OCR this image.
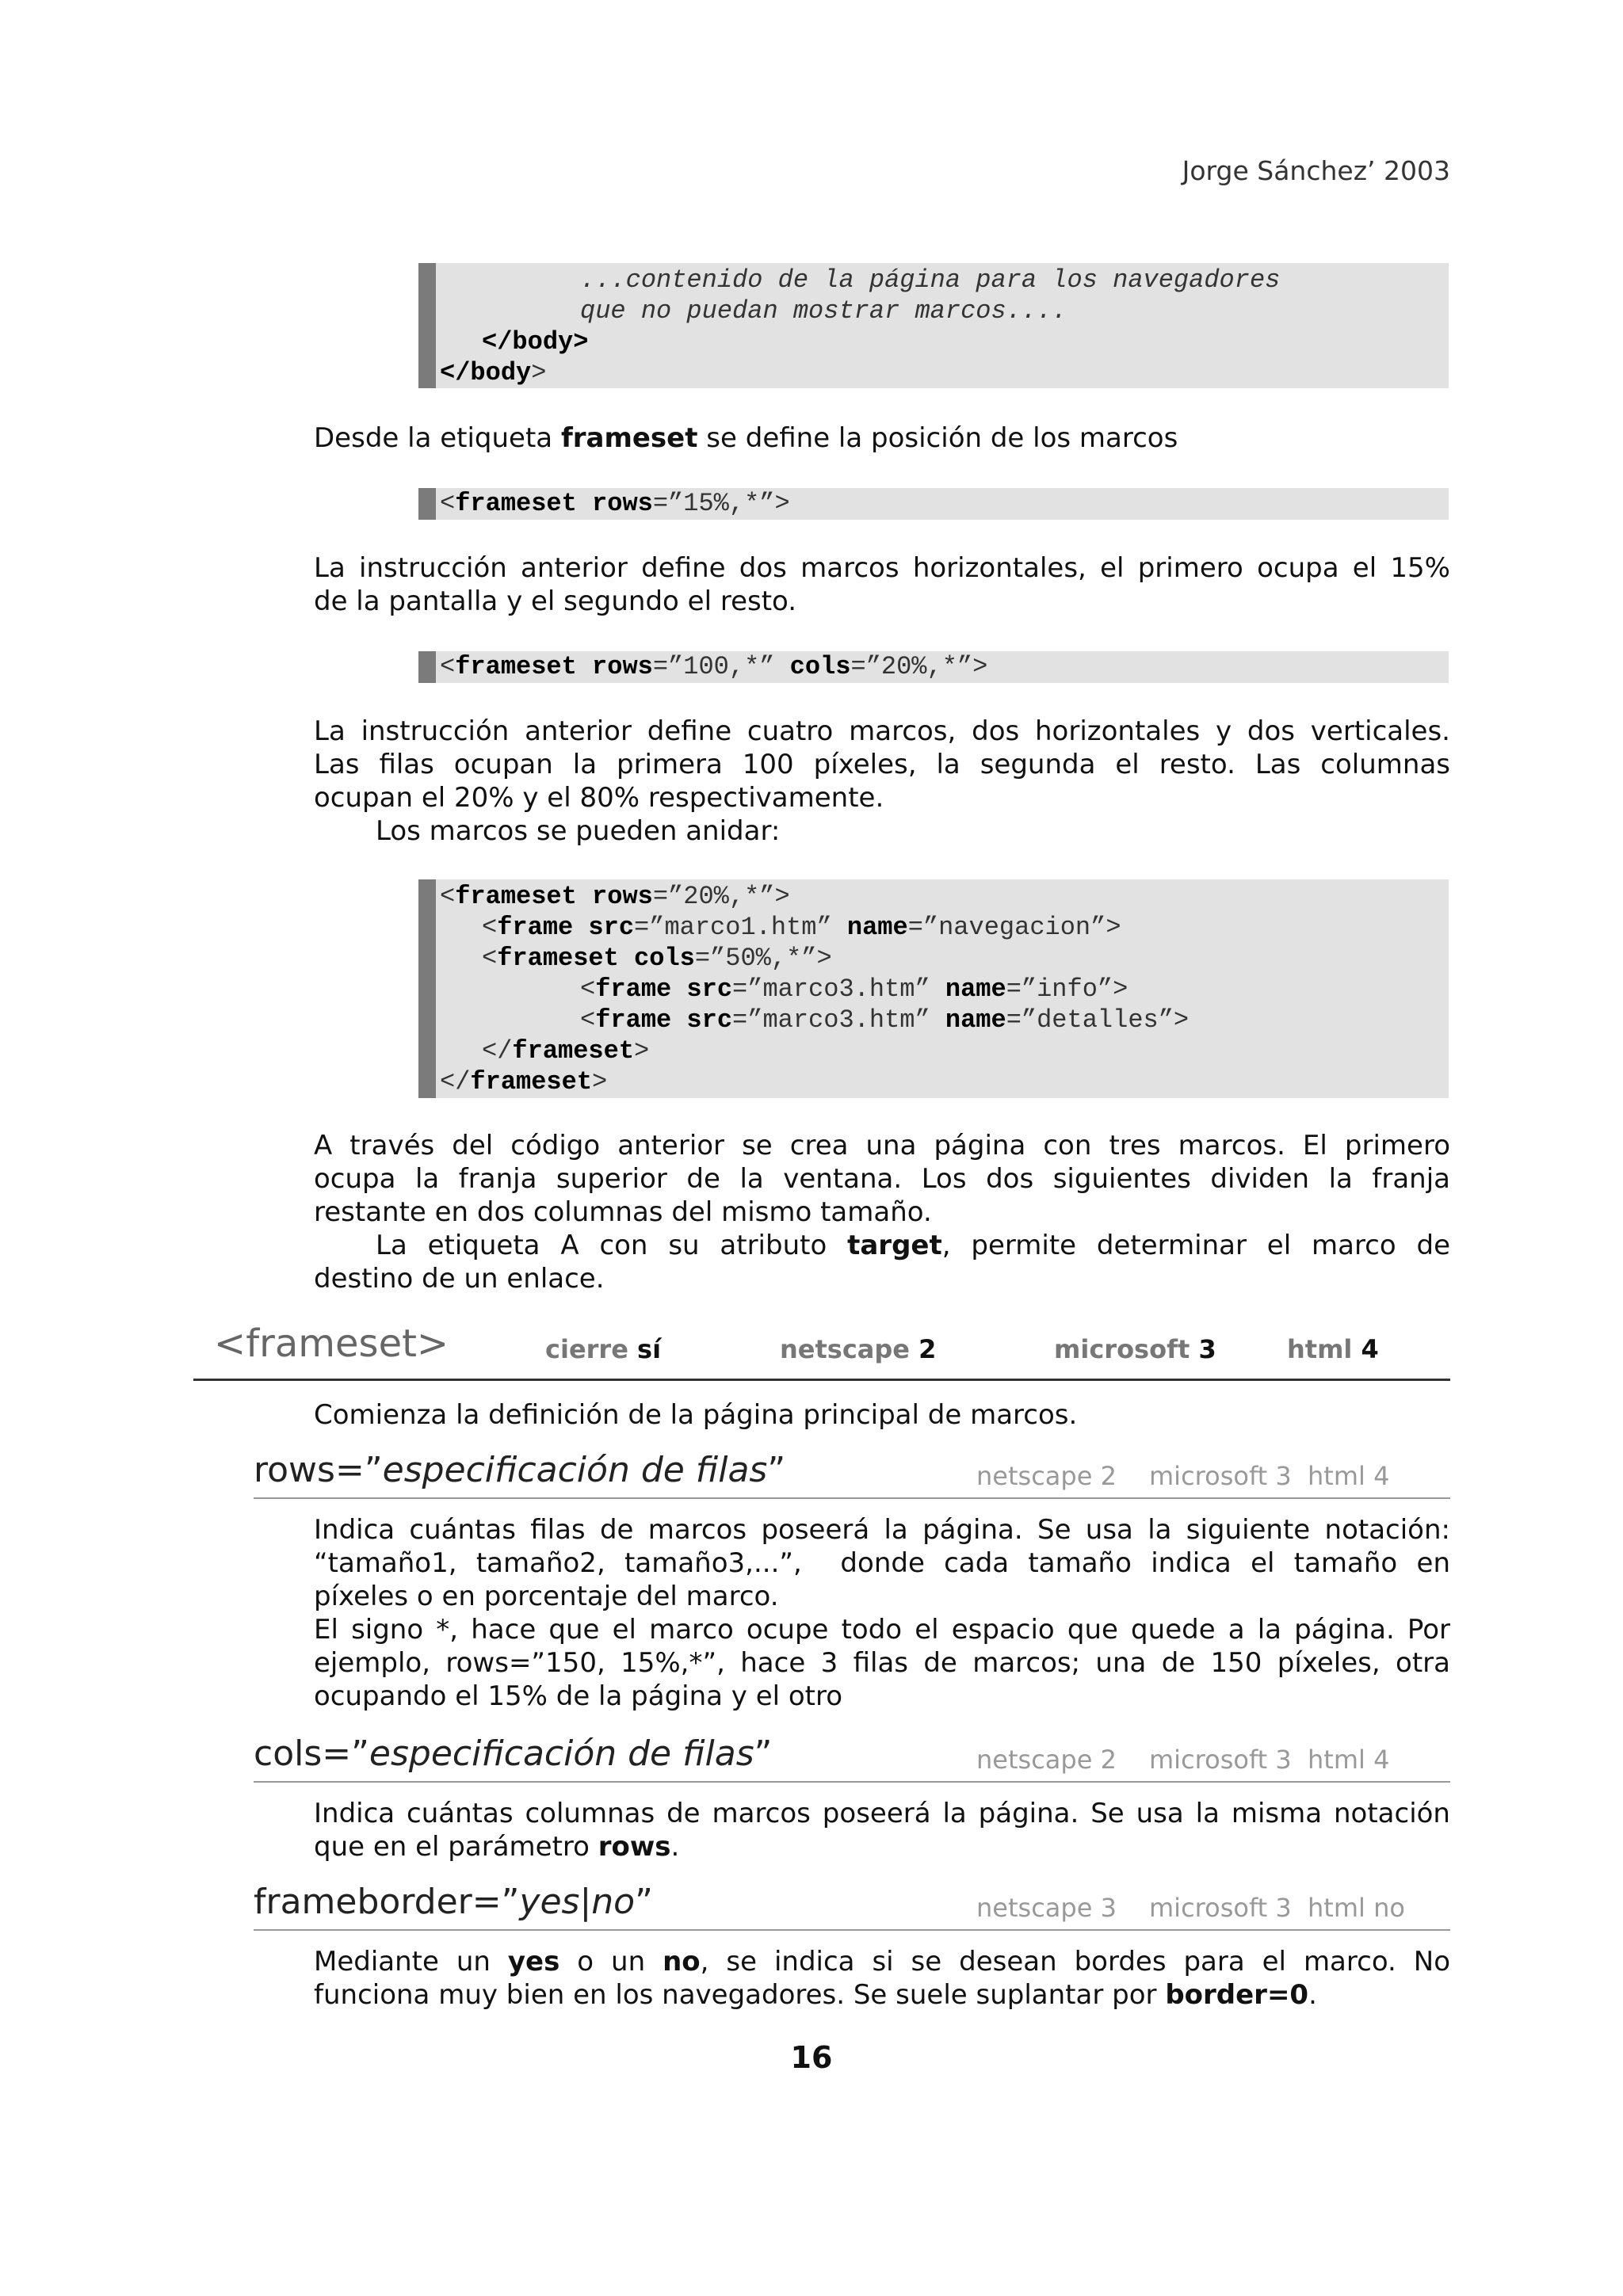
Jorge Sánchez’ 2003
...contenido de la página para los navegadores
que no puedan mostrar marcos....
</body>
</body>
Desde la etiqueta frameset se define la posición de los marcos
<frameset rows=”15%,*”>
La instrucción anterior define dos marcos horizontales, el primero ocupa el 15%
de la pantalla y el segundo el resto.
<frameset rows=”100,*” cols=”20%,*”>
La instrucción anterior define cuatro marcos, dos horizontales y dos verticales.
Las filas ocupan la primera 100 píxeles, la segunda el resto. Las columnas
ocupan el 20% y el 80% respectivamente.
Los marcos se pueden anidar:
<frameset rows=”20%,*”>
<frame src=”marco1.htm” name=”navegacion”>
<frameset cols=”50%,*”>
<frame src=”marco3.htm” name=”info”>
<frame src=”marco3.htm” name=”detalles”>
</frameset>
</frameset>
A través del código anterior se crea una página con tres marcos. El primero
ocupa la franja superior de la ventana. Los dos siguientes dividen la franja
restante en dos columnas del mismo tamaño.
La etiqueta A con su atributo target, permite determinar el marco de
destino de un enlace.
<frameset>	cierre sí	netscape 2	microsoft 3	html 4
Comienza la definición de la página principal de marcos.
rows=”especificación de filas”	netscape 2 microsoft 3 html 4
Indica cuántas filas de marcos poseerá la página. Se usa la siguiente notación:
“tamaño1, tamaño2, tamaño3,...”,  donde cada tamaño indica el tamaño en
píxeles o en porcentaje del marco.
El signo *, hace que el marco ocupe todo el espacio que quede a la página. Por
ejemplo, rows=”150, 15%,*”, hace 3 filas de marcos; una de 150 píxeles, otra
ocupando el 15% de la página y el otro
cols=”especificación de filas”	netscape 2 microsoft 3 html 4
Indica cuántas columnas de marcos poseerá la página. Se usa la misma notación
que en el parámetro rows.
frameborder=”yes|no”	netscape 3 microsoft 3 html no
Mediante un yes o un no, se indica si se desean bordes para el marco. No
funciona muy bien en los navegadores. Se suele suplantar por border=0.
16
